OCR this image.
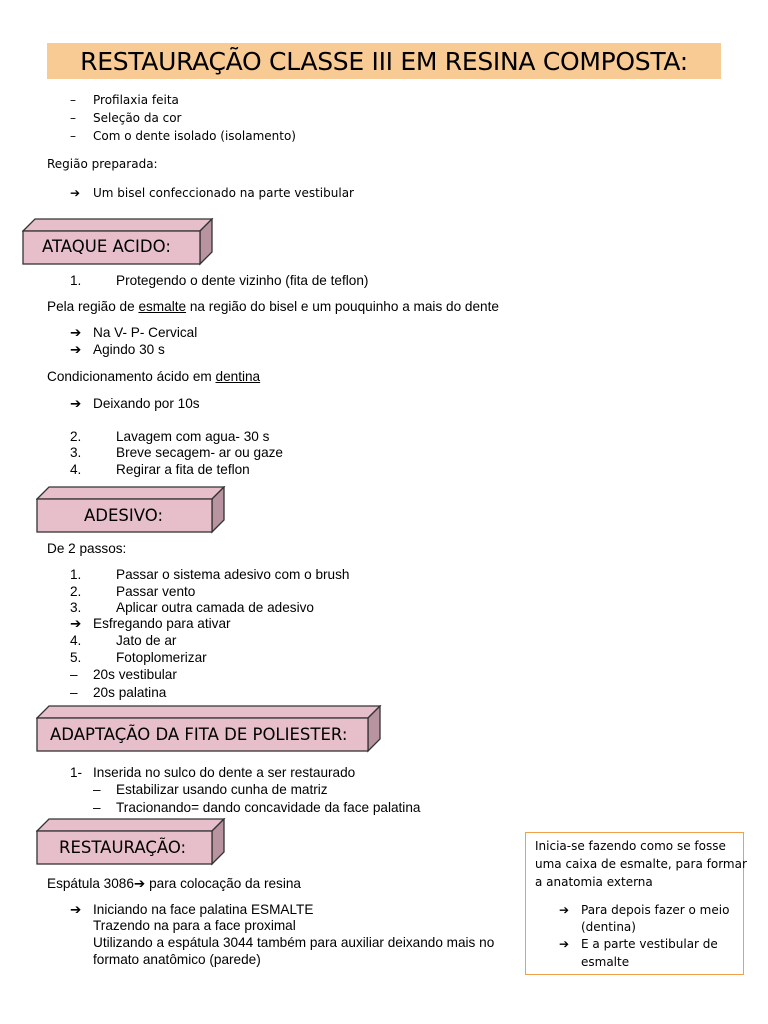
RESTAURAÇÃO CLASSE III EM RESINA COMPOSTA:
– Profilaxia feita
– Seleção da cor
– Com o dente isolado (isolamento)
Região preparada:
➔ Um bisel confeccionado na parte vestibular
ATAQUE ACIDO:
1.	Protegendo o dente vizinho (fita de teflon)
Pela região de esmalte na região do bisel e um pouquinho a mais do dente
➔ Na V- P- Cervical
➔ Agindo 30 s
Condicionamento ácido em dentina
➔ Deixando por 10s
2.	Lavagem com agua- 30 s
3.	Breve secagem- ar ou gaze
4.	Regirar a fita de teflon
ADESIVO:
De 2 passos:
1.	Passar o sistema adesivo com o brush
2.	Passar vento
3.	Aplicar outra camada de adesivo
➔ Esfregando para ativar
4.	Jato de ar
5.	Fotoplomerizar
– 20s vestibular
– 20s palatina
ADAPTAÇÃO DA FITA DE POLIESTER:
1- Inserida no sulco do dente a ser restaurado
– Estabilizar usando cunha de matriz
– Tracionando= dando concavidade da face palatina
RESTAURAÇÃO:
Espátula 3086➔ para colocação da resina
➔ Iniciando na face palatina ESMALTE
Trazendo na para a face proximal
Utilizando a espátula 3044 também para auxiliar deixando mais no
formato anatômico (parede)
Inicia-se fazendo como se fosse
uma caixa de esmalte, para formar
a anatomia externa
➔ Para depois fazer o meio
(dentina)
➔ E a parte vestibular de
esmalte
